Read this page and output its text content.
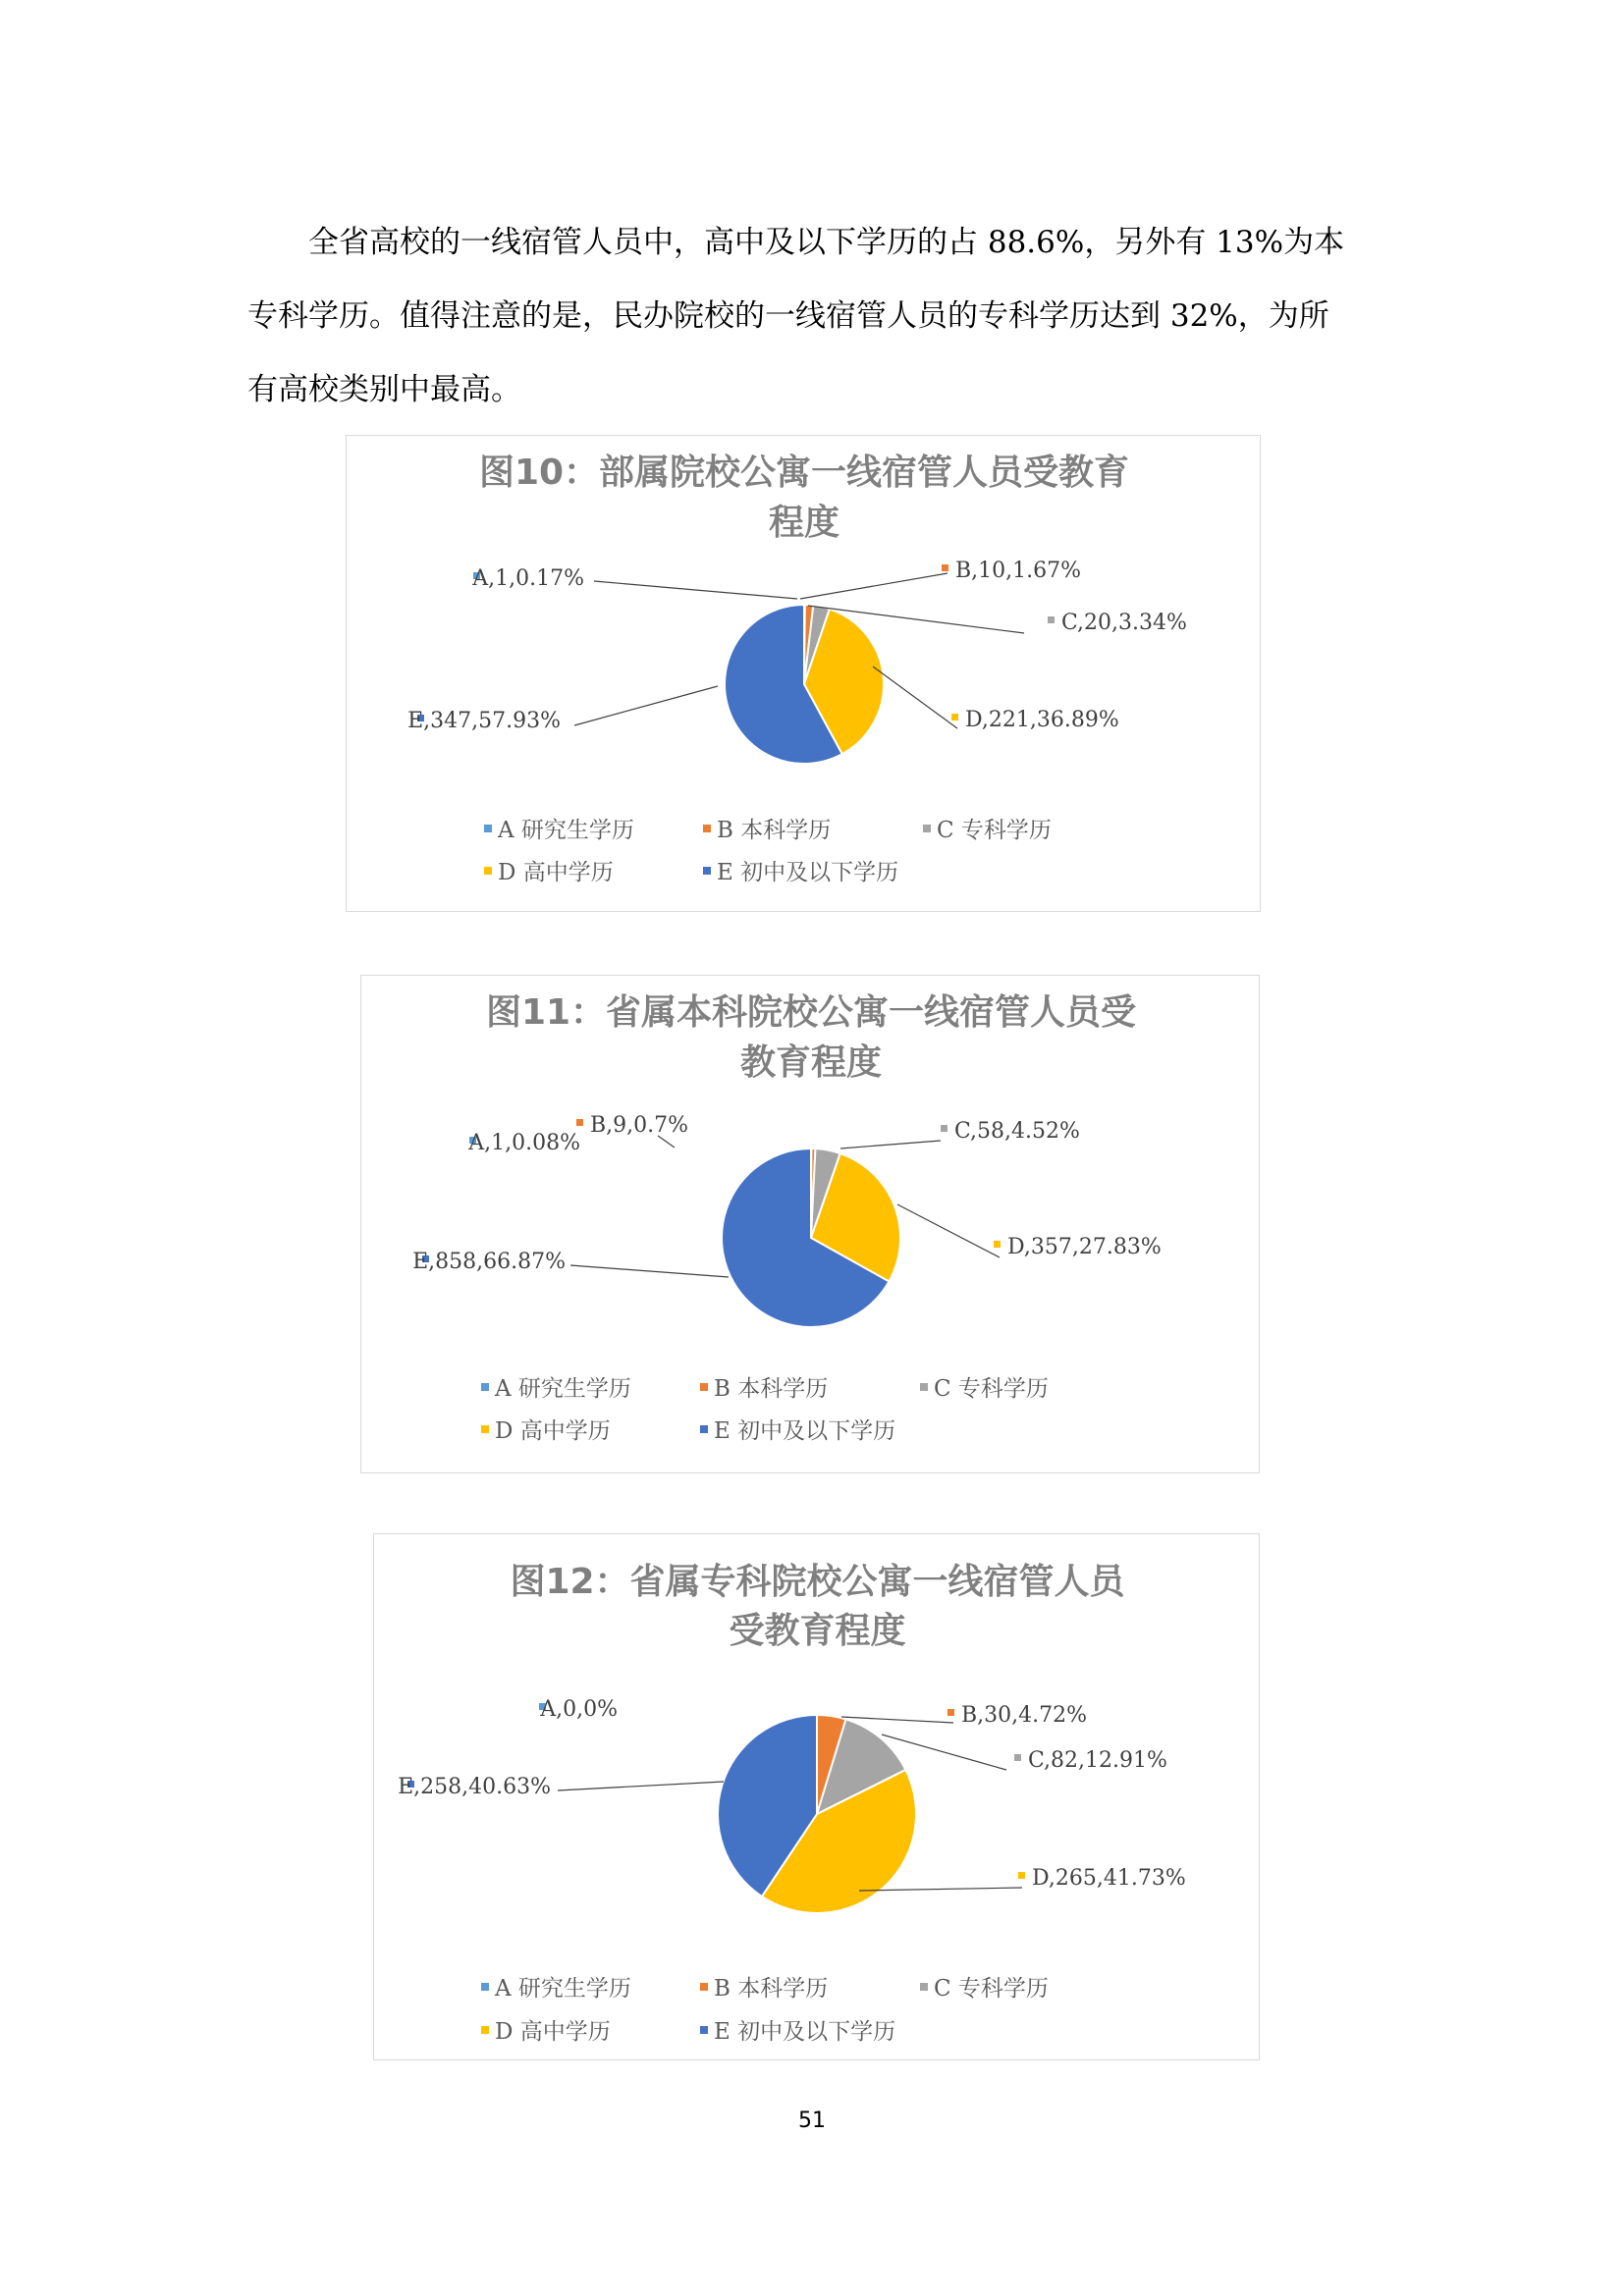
全省高校的一线宿管人员中，高中及以下学历的占 88.6%，另外有 13%为本
专科学历。值得注意的是，民办院校的一线宿管人员的专科学历达到 32%，为所
有高校类别中最高。

图10：部属院校公寓一线宿管人员受教育
程度
A,1,0.17%	B,10,1.67%
C,20,3.34%
D,221,36.89%
E,347,57.93%
A 研究生学历	B 本科学历	C 专科学历
D 高中学历	E 初中及以下学历
图11：省属本科院校公寓一线宿管人员受
教育程度
A,1,0.08%
B,9,0.7%	C,58,4.52%
D,357,27.83%
E,858,66.87%
A 研究生学历	B 本科学历	C 专科学历
D 高中学历	E 初中及以下学历
图12：省属专科院校公寓一线宿管人员
受教育程度
A,0,0%	B,30,4.72%
C,82,12.91%
D,265,41.73%
E,258,40.63%
A 研究生学历	B 本科学历	C 专科学历
D 高中学历	E 初中及以下学历
51
